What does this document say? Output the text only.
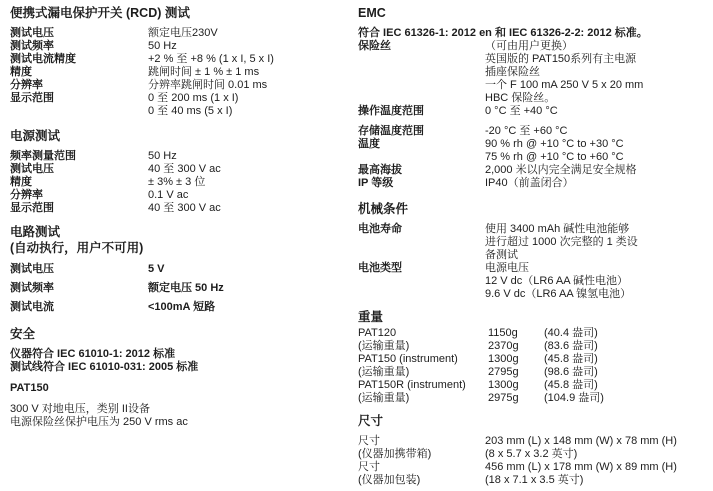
便携式漏电保护开关 (RCD) 测试
测试电压	额定电压230V
测试频率	50 Hz
测试电流精度	+2 % 至 +8 % (1 x I, 5 x I)
精度	跳闸时间 ± 1 % ± 1 ms
分辨率	分辨率跳闸时间 0.01 ms
显示范围	0 至 200 ms (1 x I)
0 至 40 ms (5 x I)
电源测试
频率测量范围	50 Hz
测试电压	40 至 300 V ac
精度	± 3% ± 3 位
分辨率	0.1 V ac
显示范围	40 至 300 V ac
电路测试
(自动执行，用户不可用)
测试电压	5 V
测试频率	额定电压 50 Hz
测试电流	<100mA 短路
安全
仪器符合 IEC 61010-1: 2012 标准
测试线符合 IEC 61010-031: 2005 标准
PAT150
300 V 对地电压，类别 II设备
电源保险丝保护电压为 250 V rms ac
EMC
符合 IEC 61326-1: 2012 en 和 IEC 61326-2-2: 2012 标准。
保险丝	（可由用户更换）
英国版的 PAT150系列有主电源
插座保险丝
一个 F 100 mA 250 V 5 x 20 mm
HBC 保险丝。
操作温度范围	0 °C 至 +40 °C
存储温度范围	-20 °C 至 +60 °C
温度	90 % rh @ +10 °C to +30 °C
75 % rh @ +10 °C to +60 °C
最高海拔	2,000 米以内完全满足安全规格
IP 等级	IP40（前盖闭合）
机械条件
电池寿命	使用 3400 mAh 碱性电池能够
进行超过 1000 次完整的 1 类设
备测试
电池类型	电源电压
12 V dc（LR6 AA 碱性电池）
9.6 V dc（LR6 AA 镍氢电池）
重量
PAT120	1150g	(40.4 盎司)
(运输重量)	2370g	(83.6 盎司)
PAT150 (instrument)	1300g	(45.8 盎司)
(运输重量)	2795g	(98.6 盎司)
PAT150R (instrument)	1300g	(45.8 盎司)
(运输重量)	2975g	(104.9 盎司)
尺寸
尺寸	203 mm (L) x 148 mm (W) x 78 mm (H)
(仪器加携带箱)	(8 x 5.7 x 3.2 英寸)
尺寸	456 mm (L) x 178 mm (W) x 89 mm (H)
(仪器加包装)	(18 x 7.1 x 3.5 英寸)
